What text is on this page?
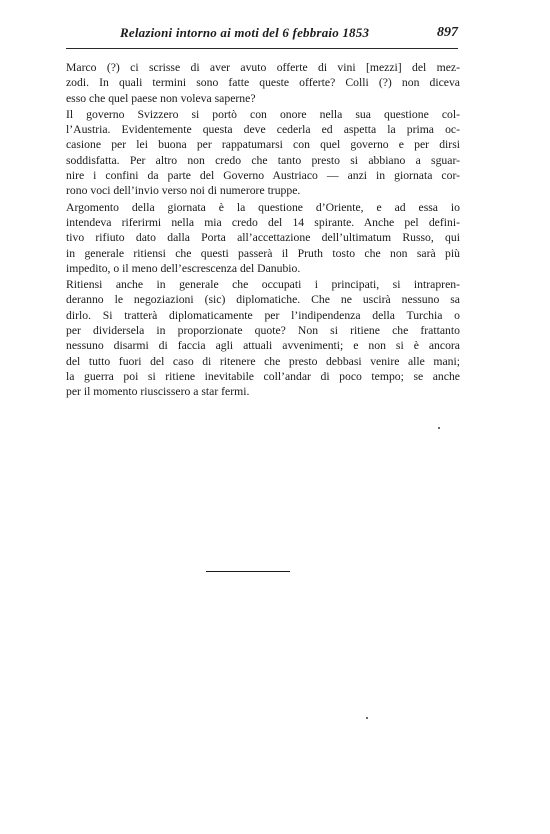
Relazioni intorno ai moti del 6 febbraio 1853	897
Marco (?) ci scrisse di aver avuto offerte di vini [mezzi] del mez-
zodi. In quali termini sono fatte queste offerte? Colli (?) non diceva
esso che quel paese non voleva saperne?
Il governo Svizzero si portò con onore nella sua questione col-
l’Austria. Evidentemente questa deve cederla ed aspetta la prima oc-
casione per lei buona per rappatumarsi con quel governo e per dirsi
soddisfatta. Per altro non credo che tanto presto si abbiano a sguar-
nire i confini da parte del Governo Austriaco — anzi in giornata cor-
rono voci dell’invio verso noi di numerore truppe.
Argomento della giornata è la questione d’Oriente, e ad essa io
intendeva riferirmi nella mia credo del 14 spirante. Anche pel defini-
tivo rifiuto dato dalla Porta all’accettazione dell’ultimatum Russo, qui
in generale ritiensi che questi passerà il Pruth tosto che non sarà più
impedito, o il meno dell’escrescenza del Danubio.
Ritiensi anche in generale che occupati i principati, si intrapren-
deranno le negoziazioni (sic) diplomatiche. Che ne uscirà nessuno sa
dirlo. Si tratterà diplomaticamente per l’indipendenza della Turchia o
per dividersela in proporzionate quote? Non si ritiene che frattanto
nessuno disarmi di faccia agli attuali avvenimenti; e non si è ancora
del tutto fuori del caso di ritenere che presto debbasi venire alle mani;
la guerra poi si ritiene inevitabile coll’andar di poco tempo; se anche
per il momento riuscissero a star fermi.
